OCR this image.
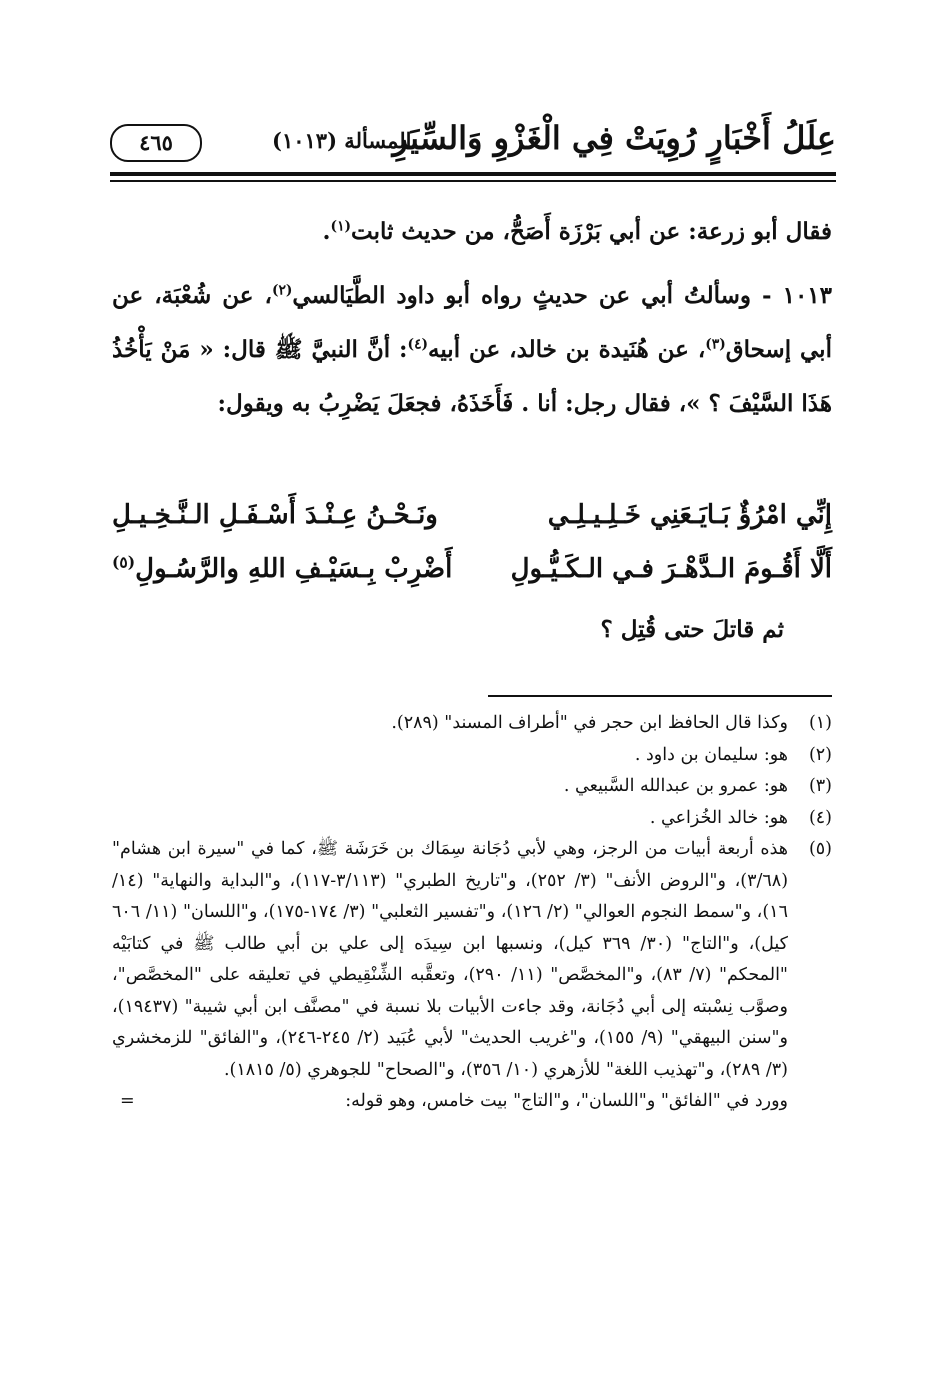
عِلَلُ أَخْبَارٍ رُوِيَتْ فِي الْغَزْوِ وَالسِّيَرِ
المسألة (١٠١٣)
٤٦٥

فقال أبو زرعة: عن أبي بَرْزَة أَصَحُّ، من حديث ثابت$^{(١)}$.

١٠١٣ - وسألتُ أبي عن حديثٍ رواه أبو داود الطَّيَالسي$^{(٢)}$، عن شُعْبَة، عن أبي إسحاق$^{(٣)}$، عن هُنَيدة بن خالد، عن أبيه$^{(٤)}$: أنَّ النبيَّ ﷺ قال: « مَنْ يَأْخُذُ هَذَا السَّيْفَ ؟ »، فقال رجل: أنا . فَأَخَذَهُ، فجعَلَ يَضْرِبُ به ويقول:

إِنِّي امْرُؤٌ بَـايَـعَنِي خَـلِـيـلِـي
ونَـحْـنُ عِـنْـدَ أَسْـفَـلِ الـنَّـخِـيـلِ
أَلَّا أَقُـومَ الـدَّهْـرَ فـي الـكَـيُّـولِ
أَضْرِبْ بِـسَيْـفِ اللهِ والرَّسُـولِ$^{(٥)}$
ثم قاتلَ حتى قُتِل ؟
(١)
وكذا قال الحافظ ابن حجر في "أطراف المسند" (٢٨٩).
(٢)
هو: سليمان بن داود .
(٣)
هو: عمرو بن عبدالله السَّبيعي .
(٤)
هو: خالد الخُزاعي .
(٥)
هذه أربعة أبيات من الرجز، وهي لأبي دُجَانة سِمَاك بن خَرَشَة ﷺ، كما في "سيرة ابن هشام" (٣/٦٨)، و"الروض الأنف" (٣/ ٢٥٢)، و"تاريخ الطبري" (٣/١١٣-١١٧)، و"البداية والنهاية" (١٤/ ١٦)، و"سمط النجوم العوالي" (٢/ ١٢٦)، و"تفسير الثعلبي" (٣/ ١٧٤-١٧٥)، و"اللسان" (١١/ ٦٠٦ كيل)، و"التاج" (٣٠/ ٣٦٩ كيل)، ونسبها ابن سِيدَه إلى علي بن أبي طالب ﷺ في كتابَيْه "المحكم" (٧/ ٨٣)، و"المخصَّص" (١١/ ٢٩٠)، وتعقَّبه الشِّنْقِيطي في تعليقه على "المخصَّص"، وصوَّب نِسْبته إلى أبي دُجَانة، وقد جاءت الأبيات بلا نسبة في "مصنَّف ابن أبي شيبة" (١٩٤٣٧)، و"سنن البيهقي" (٩/ ١٥٥)، و"غريب الحديث" لأبي عُبَيد (٢/ ٢٤٥-٢٤٦)، و"الفائق" للزمخشري (٣/ ٢٨٩)، و"تهذيب اللغة" للأزهري (١٠/ ٣٥٦)، و"الصحاح" للجوهري (٥/ ١٨١٥).
وورد في "الفائق" و"اللسان"، و"التاج" بيت خامس، وهو قوله:
=
